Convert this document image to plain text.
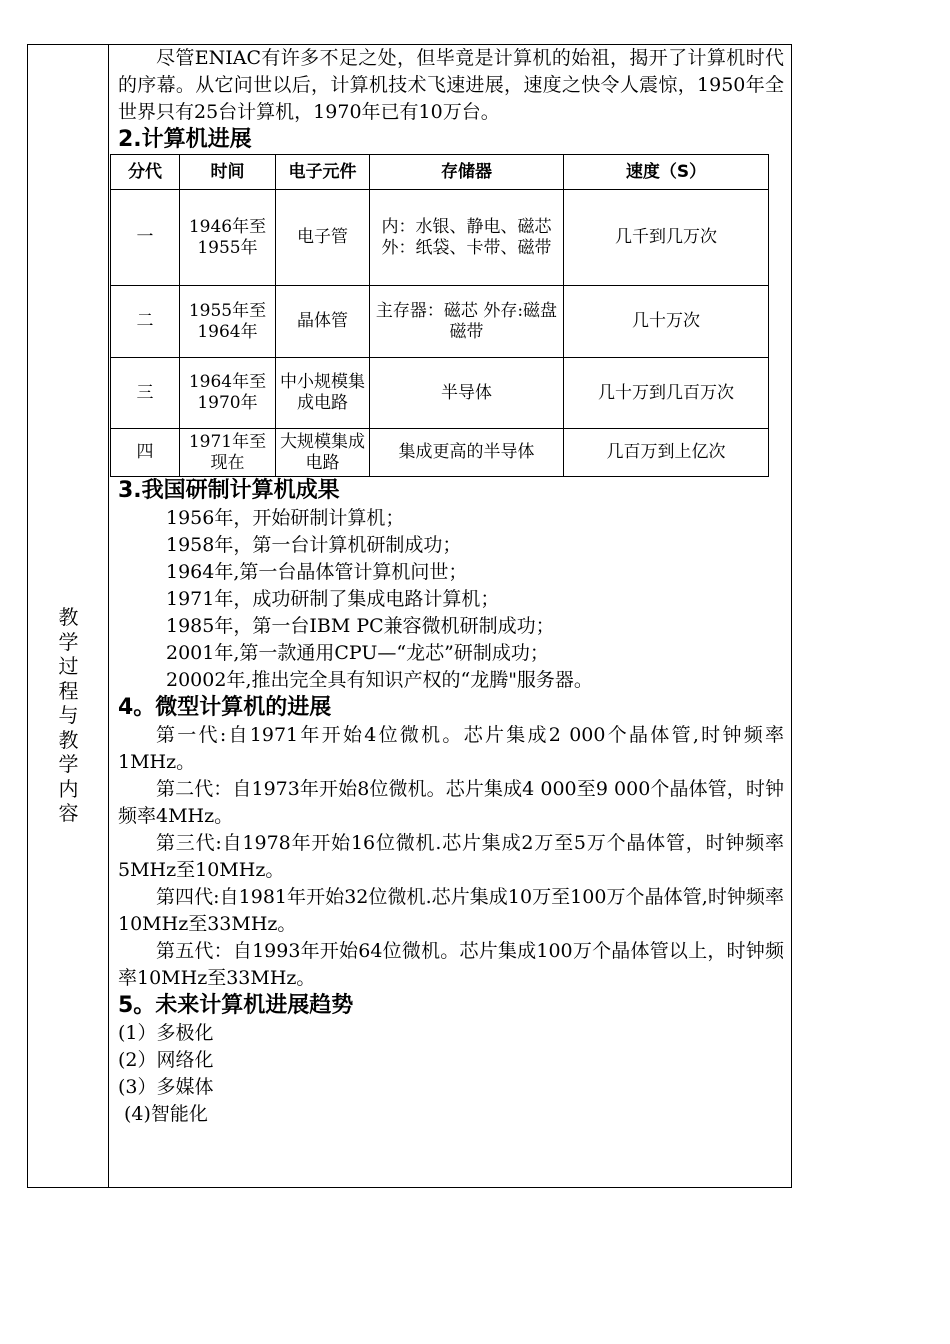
教
学
过
程
与
教
学
内
容

尽管ENIAC有许多不足之处，但毕竟是计算机的始祖，揭开了计算机时代的序幕。从它问世以后，计算机技术飞速进展，速度之快令人震惊，1950年全世界只有25台计算机，1970年已有10万台。

2.计算机进展

分代	时间	电子元件	存储器	速度（S）
一	1946年至1955年	电子管	内：水银、静电、磁芯 外：纸袋、卡带、磁带	几千到几万次
二	1955年至1964年	晶体管	主存器：磁芯 外存:磁盘磁带	几十万次
三	1964年至1970年	中小规模集成电路	半导体	几十万到几百万次
四	1971年至现在	大规模集成电路	集成更高的半导体	几百万到上亿次

3.我国研制计算机成果

1956年，开始研制计算机；

1958年，第一台计算机研制成功；

1964年,第一台晶体管计算机问世；

1971年，成功研制了集成电路计算机；

1985年，第一台IBM PC兼容微机研制成功；

2001年,第一款通用CPU—“龙芯”研制成功；

20002年,推出完全具有知识产权的“龙腾"服务器。

4。微型计算机的进展

第一代:自1971年开始4位微机。芯片集成2 000个晶体管,时钟频率1MHz。

第二代：自1973年开始8位微机。芯片集成4 000至9 000个晶体管，时钟频率4MHz。

第三代:自1978年开始16位微机.芯片集成2万至5万个晶体管，时钟频率5MHz至10MHz。

第四代:自1981年开始32位微机.芯片集成10万至100万个晶体管,时钟频率10MHz至33MHz。

第五代：自1993年开始64位微机。芯片集成100万个晶体管以上，时钟频率10MHz至33MHz。

5。未来计算机进展趋势

(1）多极化

(2）网络化

(3）多媒体

(4)智能化
